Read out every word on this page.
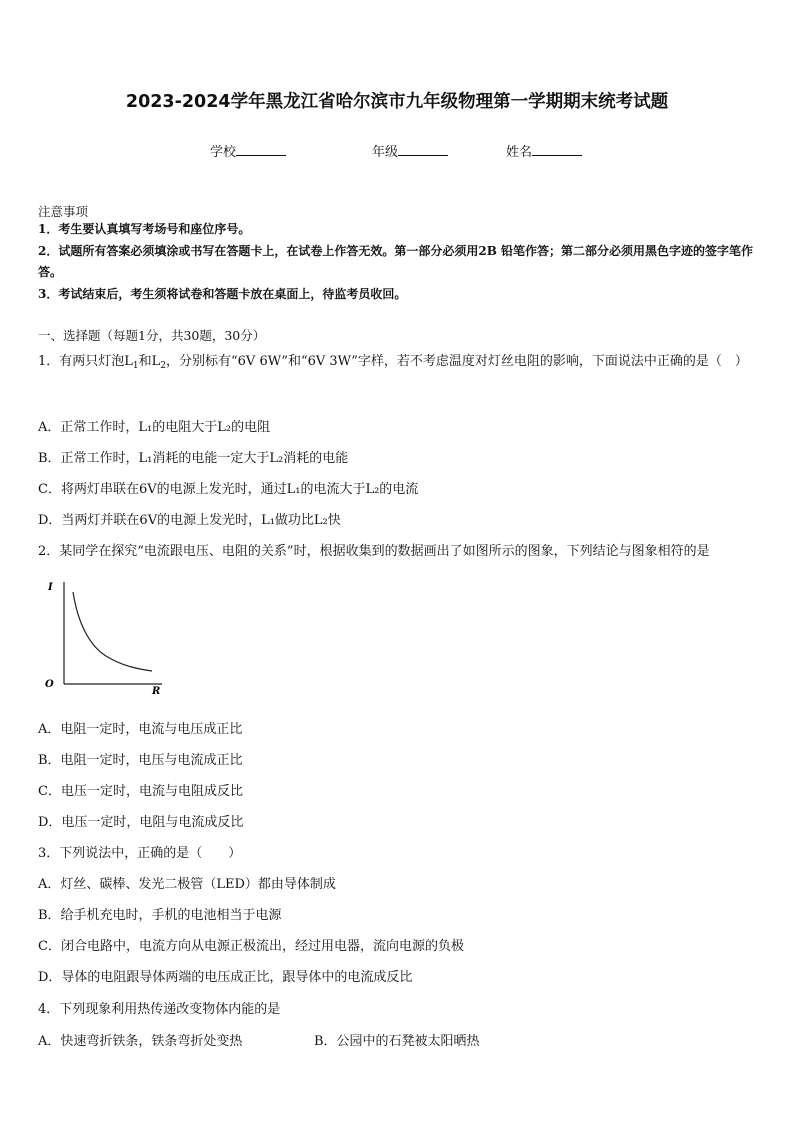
2023-2024学年黑龙江省哈尔滨市九年级物理第一学期期末统考试题
学校	年级	姓名
注意事项
1．考生要认真填写考场号和座位序号。
2．试题所有答案必须填涂或书写在答题卡上，在试卷上作答无效。第一部分必须用2B 铅笔作答；第二部分必须用黑色字迹的签字笔作答。
3．考试结束后，考生须将试卷和答题卡放在桌面上，待监考员收回。
一、选择题（每题1分，共30题，30分）
1．有两只灯泡$L_1$和$L_2$，分别标有“6V 6W”和“6V 3W”字样，若不考虑温度对灯丝电阻的影响，下面说法中正确的是（　）
A．正常工作时，L₁的电阻大于L₂的电阻
B．正常工作时，L₁消耗的电能一定大于L₂消耗的电能
C．将两灯串联在6V的电源上发光时，通过L₁的电流大于L₂的电流
D．当两灯并联在6V的电源上发光时，L₁做功比L₂快
2．某同学在探究“电流跟电压、电阻的关系”时，根据收集到的数据画出了如图所示的图象，下列结论与图象相符的是
I
O
R
A．电阻一定时，电流与电压成正比
B．电阻一定时，电压与电流成正比
C．电压一定时，电流与电阻成反比
D．电压一定时，电阻与电流成反比
3．下列说法中，正确的是（　　）
A．灯丝、碳棒、发光二极管（LED）都由导体制成
B．给手机充电时，手机的电池相当于电源
C．闭合电路中，电流方向从电源正极流出，经过用电器，流向电源的负极
D．导体的电阻跟导体两端的电压成正比，跟导体中的电流成反比
4．下列现象利用热传递改变物体内能的是
A．快速弯折铁条，铁条弯折处变热	B．公园中的石凳被太阳晒热
